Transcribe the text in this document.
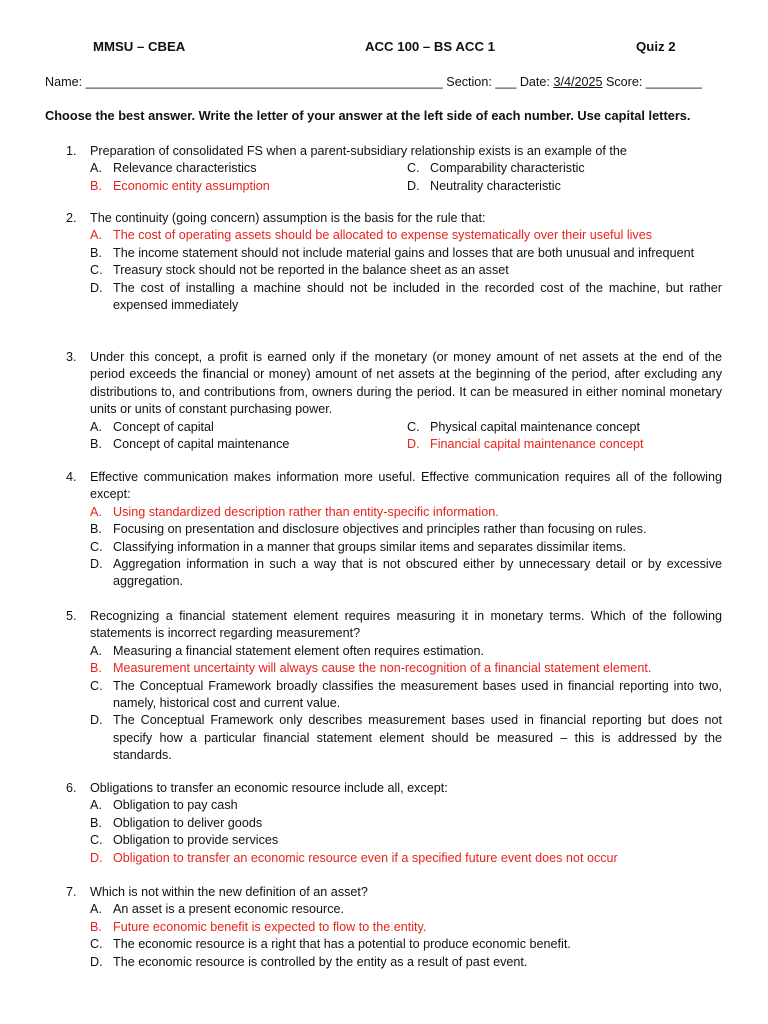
MMSU – CBEA	ACC 100 – BS ACC 1	Quiz 2
Name: ___________________________________________________ Section: ___ Date: 3/4/2025 Score: ________
Choose the best answer. Write the letter of your answer at the left side of each number. Use capital letters.
1. Preparation of consolidated FS when a parent-subsidiary relationship exists is an example of the
A. Relevance characteristics	C. Comparability characteristic
B. Economic entity assumption	D. Neutrality characteristic
2. The continuity (going concern) assumption is the basis for the rule that:
A. The cost of operating assets should be allocated to expense systematically over their useful lives
B. The income statement should not include material gains and losses that are both unusual and infrequent
C. Treasury stock should not be reported in the balance sheet as an asset
D. The cost of installing a machine should not be included in the recorded cost of the machine, but rather expensed immediately
3. Under this concept, a profit is earned only if the monetary (or money amount of net assets at the end of the period exceeds the financial or money) amount of net assets at the beginning of the period, after excluding any distributions to, and contributions from, owners during the period. It can be measured in either nominal monetary units or units of constant purchasing power.
A. Concept of capital	C. Physical capital maintenance concept
B. Concept of capital maintenance	D. Financial capital maintenance concept
4. Effective communication makes information more useful. Effective communication requires all of the following except:
A. Using standardized description rather than entity-specific information.
B. Focusing on presentation and disclosure objectives and principles rather than focusing on rules.
C. Classifying information in a manner that groups similar items and separates dissimilar items.
D. Aggregation information in such a way that is not obscured either by unnecessary detail or by excessive aggregation.
5. Recognizing a financial statement element requires measuring it in monetary terms. Which of the following statements is incorrect regarding measurement?
A. Measuring a financial statement element often requires estimation.
B. Measurement uncertainty will always cause the non-recognition of a financial statement element.
C. The Conceptual Framework broadly classifies the measurement bases used in financial reporting into two, namely, historical cost and current value.
D. The Conceptual Framework only describes measurement bases used in financial reporting but does not specify how a particular financial statement element should be measured – this is addressed by the standards.
6. Obligations to transfer an economic resource include all, except:
A. Obligation to pay cash
B. Obligation to deliver goods
C. Obligation to provide services
D. Obligation to transfer an economic resource even if a specified future event does not occur
7. Which is not within the new definition of an asset?
A. An asset is a present economic resource.
B. Future economic benefit is expected to flow to the entity.
C. The economic resource is a right that has a potential to produce economic benefit.
D. The economic resource is controlled by the entity as a result of past event.
